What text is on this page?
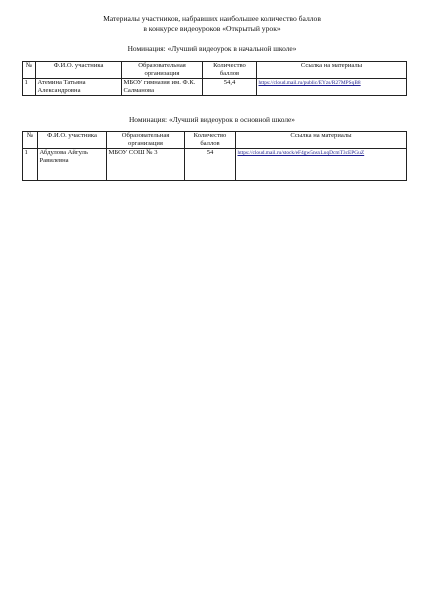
Материалы участников, набравших наибольшее количество баллов
в конкурсе видеоуроков «Открытый урок»
Номинация: «Лучший видеоурок в начальной школе»
№	Ф.И.О. участника	Образовательная организация	Количество баллов	Ссылка на материалы
1	Атемина Татьяна Александровна	МБОУ гимназия им. Ф.К. Салманова	54,4	https://cloud.mail.ru/public/EYzs/R27MPSqB8
Номинация: «Лучший видеоурок в основной школе»
№	Ф.И.О. участника	Образовательная организация	Количество баллов	Ссылка на материалы
1	Абдулова Айгуль Равилевна	МБОУ СОШ № 3	54	https://cloud.mail.ru/stock/eF4gw5nsxLuqDcmT3cEPGuZ
